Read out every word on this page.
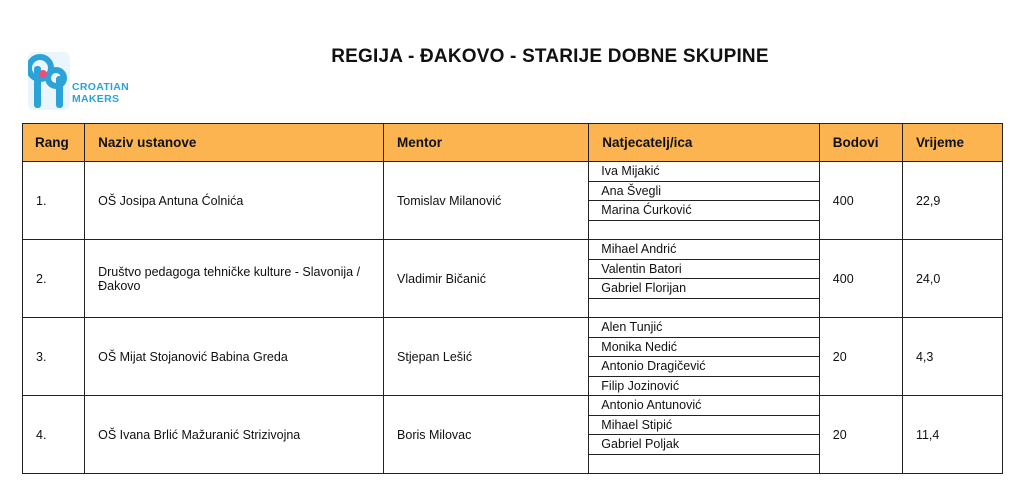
CROATIAN
MAKERS
REGIJA - ĐAKOVO - STARIJE DOBNE SKUPINE
Rang	Naziv ustanove	Mentor	Natjecatelj/ica	Bodovi	Vrijeme
1.	OŠ Josipa Antuna Ćolnića	Tomislav Milanović	Iva Mijakić
Ana Švegli
Marina Ćurković	400	22,9
2.	Društvo pedagoga tehničke kulture - Slavonija / Đakovo	Vladimir Bičanić	Mihael Andrić
Valentin Batori
Gabriel Florijan	400	24,0
3.	OŠ Mijat Stojanović Babina Greda	Stjepan Lešić	Alen Tunjić
Monika Nedić
Antonio Dragičević
Filip Jozinović	20	4,3
4.	OŠ Ivana Brlić Mažuranić Strizivojna	Boris Milovac	Antonio Antunović
Mihael Stipić
Gabriel Poljak	20	11,4
